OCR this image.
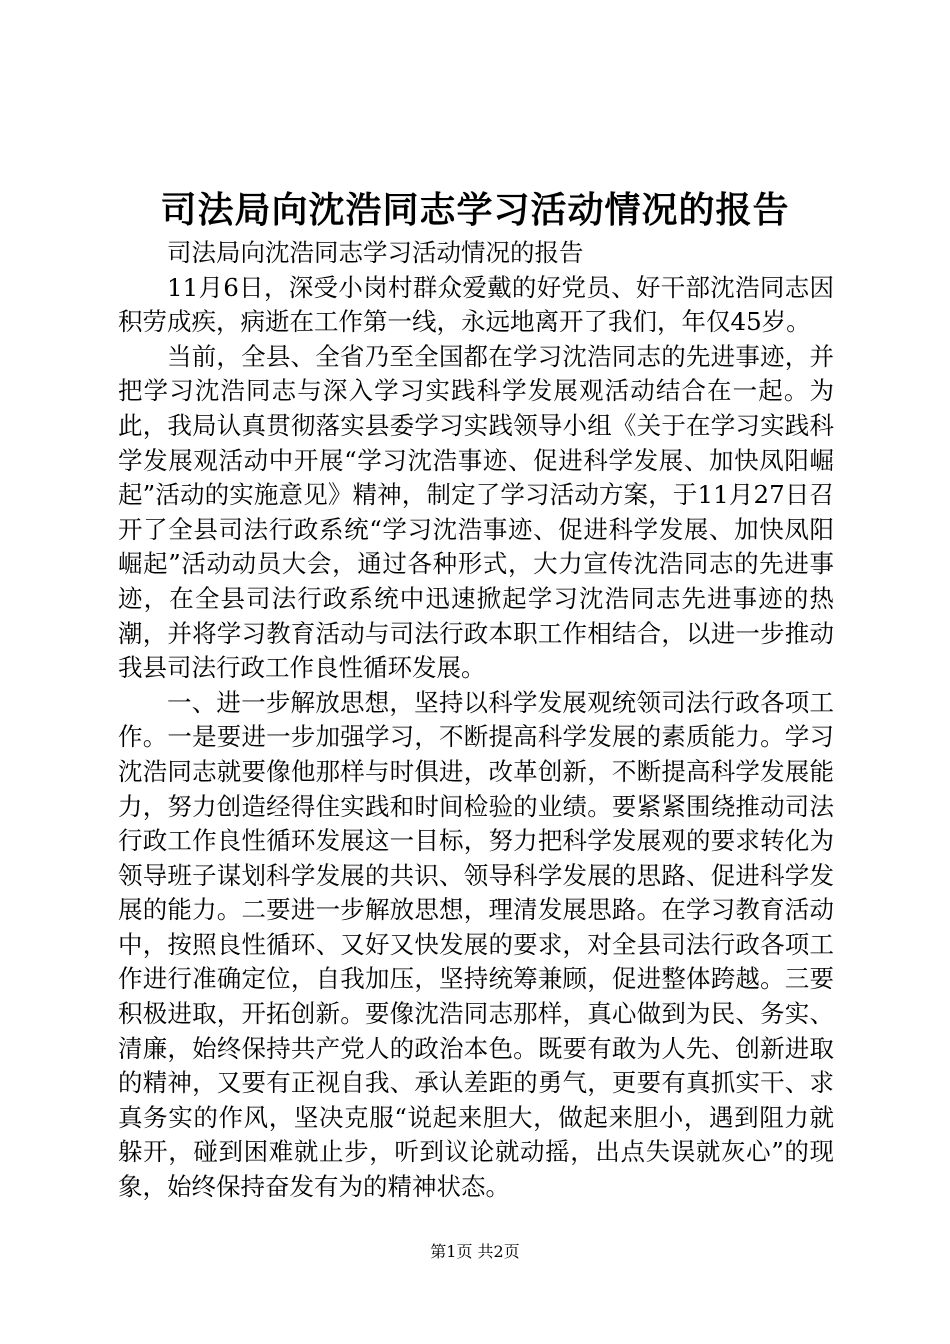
司法局向沈浩同志学习活动情况的报告

司法局向沈浩同志学习活动情况的报告

11月6日，深受小岗村群众爱戴的好党员、好干部沈浩同志因积劳成疾，病逝在工作第一线，永远地离开了我们，年仅45岁。

当前，全县、全省乃至全国都在学习沈浩同志的先进事迹，并把学习沈浩同志与深入学习实践科学发展观活动结合在一起。为此，我局认真贯彻落实县委学习实践领导小组《关于在学习实践科学发展观活动中开展“学习沈浩事迹、促进科学发展、加快凤阳崛起”活动的实施意见》精神，制定了学习活动方案，于11月27日召开了全县司法行政系统“学习沈浩事迹、促进科学发展、加快凤阳崛起”活动动员大会，通过各种形式，大力宣传沈浩同志的先进事迹，在全县司法行政系统中迅速掀起学习沈浩同志先进事迹的热潮，并将学习教育活动与司法行政本职工作相结合，以进一步推动我县司法行政工作良性循环发展。

一、进一步解放思想，坚持以科学发展观统领司法行政各项工作。一是要进一步加强学习，不断提高科学发展的素质能力。学习沈浩同志就要像他那样与时俱进，改革创新，不断提高科学发展能力，努力创造经得住实践和时间检验的业绩。要紧紧围绕推动司法行政工作良性循环发展这一目标，努力把科学发展观的要求转化为领导班子谋划科学发展的共识、领导科学发展的思路、促进科学发展的能力。二要进一步解放思想，理清发展思路。在学习教育活动中，按照良性循环、又好又快发展的要求，对全县司法行政各项工作进行准确定位，自我加压，坚持统筹兼顾，促进整体跨越。三要积极进取，开拓创新。要像沈浩同志那样，真心做到为民、务实、清廉，始终保持共产党人的政治本色。既要有敢为人先、创新进取的精神，又要有正视自我、承认差距的勇气，更要有真抓实干、求真务实的作风，坚决克服“说起来胆大，做起来胆小，遇到阻力就躲开，碰到困难就止步，听到议论就动摇，出点失误就灰心”的现象，始终保持奋发有为的精神状态。

第1页 共2页
